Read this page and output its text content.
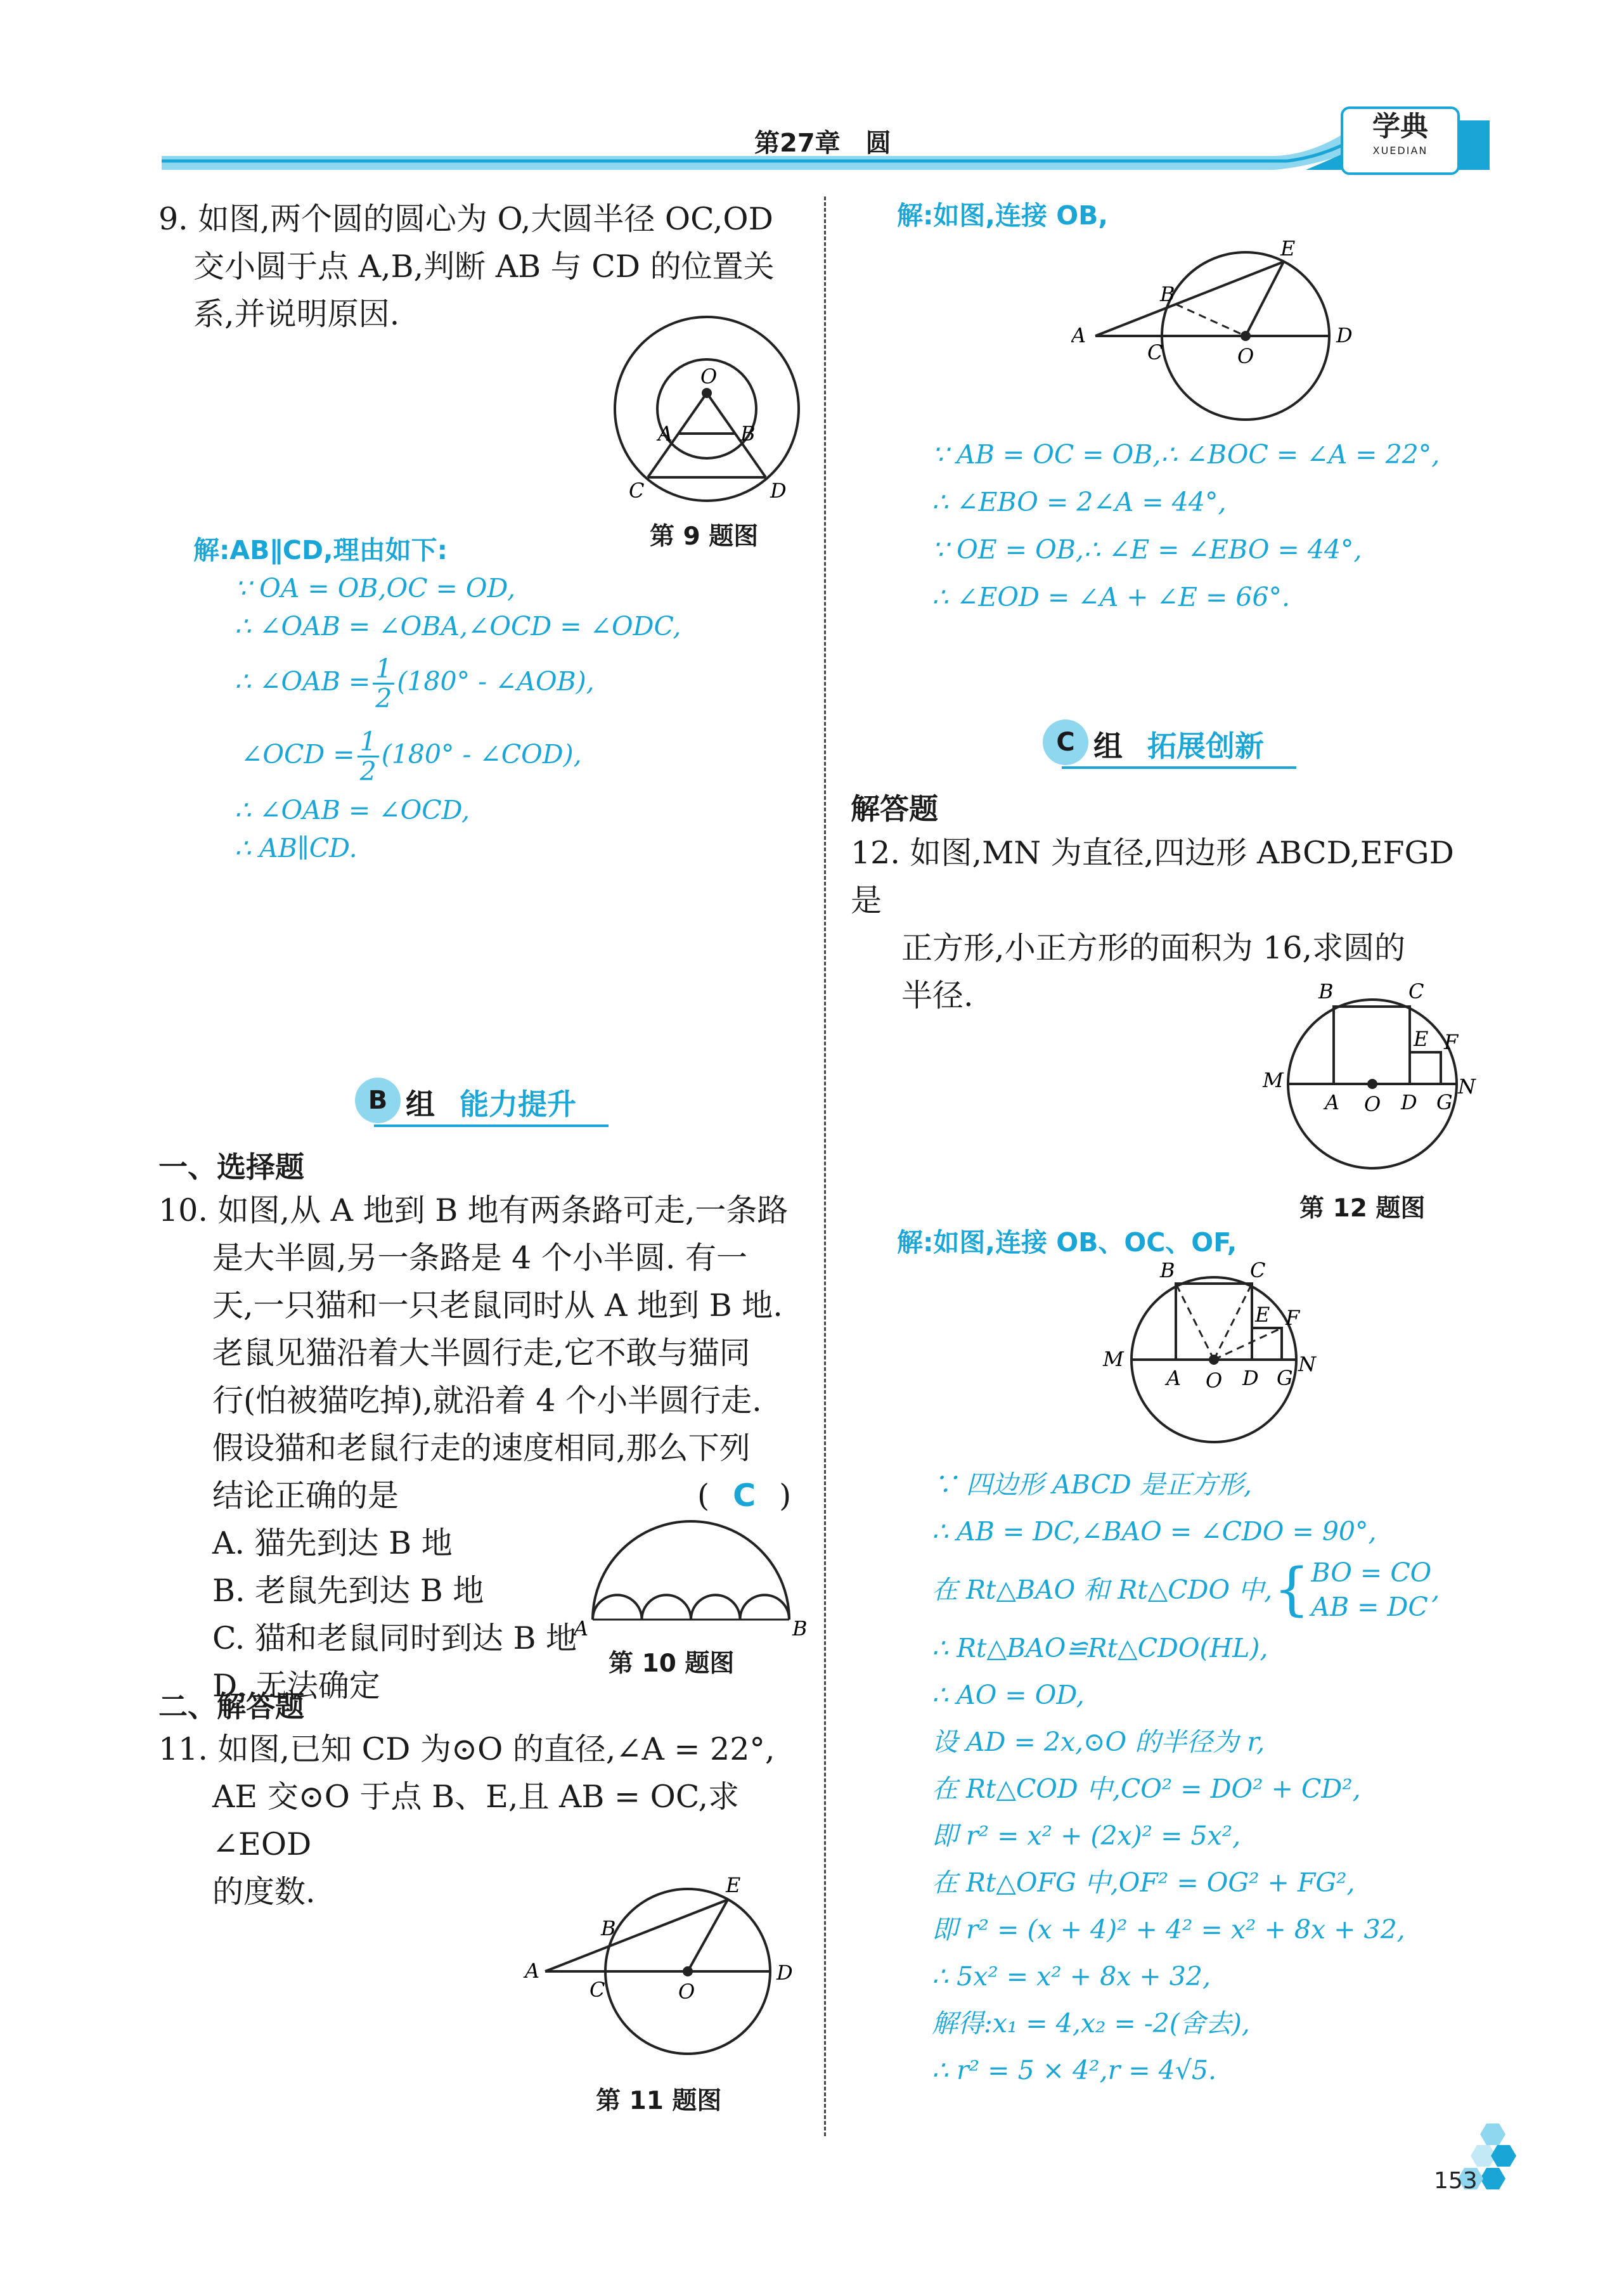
第27章　圆
学典
XUEDIAN
9. 如图,两个圆的圆心为 O,大圆半径 OC,OD
交小圆于点 A,B,判断 AB 与 CD 的位置关
系,并说明原因.
O
A	B
C	D
第 9 题图
解:AB∥CD,理由如下:
∵ OA = OB,OC = OD,
∴ ∠OAB = ∠OBA,∠OCD = ∠ODC,
∴ ∠OAB = $\frac{1}{2} (180^\circ$ - ∠AOB),
∠OCD = $\frac{1}{2} (180^\circ$ - ∠COD),
∴ ∠OAB = ∠OCD,
∴ AB∥CD.
B 组 能力提升
一、选择题
10. 如图,从 A 地到 B 地有两条路可走,一条路
是大半圆,另一条路是 4 个小半圆. 有一
天,一只猫和一只老鼠同时从 A 地到 B 地.
老鼠见猫沿着大半圆行走,它不敢与猫同
行(怕被猫吃掉),就沿着 4 个小半圆行走.
假设猫和老鼠行走的速度相同,那么下列
结论正确的是	( C )
A. 猫先到达 B 地
B. 老鼠先到达 B 地
C. 猫和老鼠同时到达 B 地
D. 无法确定
A	B
第 10 题图
二、解答题
11. 如图,已知 CD 为⊙O 的直径,∠A = 22°,
AE 交⊙O 于点 B、E,且 AB = OC,求∠EOD
的度数.
A
B
C	O
D
E
第 11 题图
解:如图,连接 OB,
A
B
C	O
D
E
∵ AB = OC = OB,∴ ∠BOC = ∠A = 22°,
∴ ∠EBO = 2∠A = 44°,
∵ OE = OB,∴ ∠E = ∠EBO = 44°,
∴ ∠EOD = ∠A + ∠E = 66°.
C 组 拓展创新
解答题
12. 如图,MN 为直径,四边形 ABCD,EFGD 是
正方形,小正方形的面积为 16,求圆的
半径.	B	C
E F
M
A O D G
N
第 12 题图
解:如图,连接 OB、OC、OF,
B	C
E F
M
A O D G
N
∵ 四边形 ABCD 是正方形,
∴ AB = DC,∠BAO = ∠CDO = 90°,
在 Rt△BAO 和 Rt△CDO 中, { BO = CO
AB = DC
,
∴ Rt△BAO≌Rt△CDO(HL),
∴ AO = OD,
设 AD = 2x,⊙O 的半径为 r,
在 Rt△COD 中,CO² = DO² + CD²,
即 r² = x² + (2x)² = 5x²,
在 Rt△OFG 中,OF² = OG² + FG²,
即 r² = (x + 4)² + 4² = x² + 8x + 32,
∴ 5x² = x² + 8x + 32,
解得:x₁ = 4,x₂ = -2(舍去),
∴ r² = 5 × 4²,r = 4√5.
153
